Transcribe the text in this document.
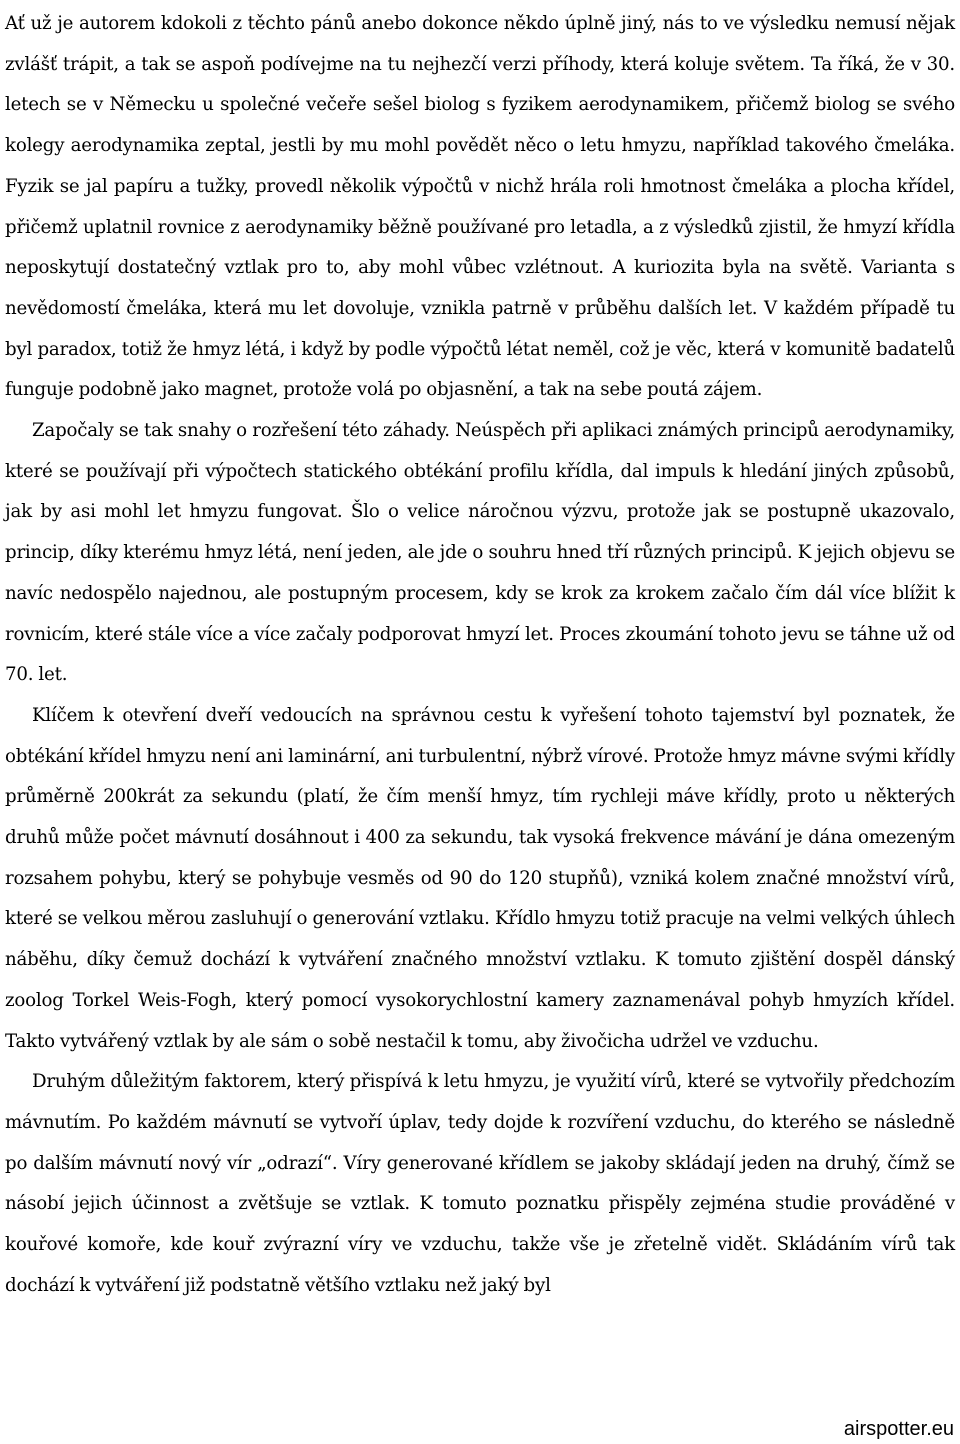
Ať už je autorem kdokoli z těchto pánů anebo dokonce někdo úplně jiný, nás to ve výsledku nemusí nějak zvlášť trápit, a tak se aspoň podívejme na tu nejhezčí verzi příhody, která koluje světem. Ta říká, že v 30. letech se v Německu u společné večeře sešel biolog s fyzikem aerodynamikem, přičemž biolog se svého kolegy aerodynamika zeptal, jestli by mu mohl povědět něco o letu hmyzu, například takového čmeláka. Fyzik se jal papíru a tužky, provedl několik výpočtů v nichž hrála roli hmotnost čmeláka a plocha křídel, přičemž uplatnil rovnice z aerodynamiky běžně používané pro letadla, a z výsledků zjistil, že hmyzí křídla neposkytují dostatečný vztlak pro to, aby mohl vůbec vzlétnout. A kuriozita byla na světě. Varianta s nevědomostí čmeláka, která mu let dovoluje, vznikla patrně v průběhu dalších let. V každém případě tu byl paradox, totiž že hmyz létá, i když by podle výpočtů létat neměl, což je věc, která v komunitě badatelů funguje podobně jako magnet, protože volá po objasnění, a tak na sebe poutá zájem.

Započaly se tak snahy o rozřešení této záhady. Neúspěch při aplikaci známých principů aerodynamiky, které se používají při výpočtech statického obtékání profilu křídla, dal impuls k hledání jiných způsobů, jak by asi mohl let hmyzu fungovat. Šlo o velice náročnou výzvu, protože jak se postupně ukazovalo, princip, díky kterému hmyz létá, není jeden, ale jde o souhru hned tří různých principů. K jejich objevu se navíc nedospělo najednou, ale postupným procesem, kdy se krok za krokem začalo čím dál více blížit k rovnicím, které stále více a více začaly podporovat hmyzí let. Proces zkoumání tohoto jevu se táhne už od 70. let.

Klíčem k otevření dveří vedoucích na správnou cestu k vyřešení tohoto tajemství byl poznatek, že obtékání křídel hmyzu není ani laminární, ani turbulentní, nýbrž vírové. Protože hmyz mávne svými křídly průměrně 200krát za sekundu (platí, že čím menší hmyz, tím rychleji máve křídly, proto u některých druhů může počet mávnutí dosáhnout i 400 za sekundu, tak vysoká frekvence mávání je dána omezeným rozsahem pohybu, který se pohybuje vesměs od 90 do 120 stupňů), vzniká kolem značné množství vírů, které se velkou měrou zasluhují o generování vztlaku. Křídlo hmyzu totiž pracuje na velmi velkých úhlech náběhu, díky čemuž dochází k vytváření značného množství vztlaku. K tomuto zjištění dospěl dánský zoolog Torkel Weis-Fogh, který pomocí vysokorychlostní kamery zaznamenával pohyb hmyzích křídel. Takto vytvářený vztlak by ale sám o sobě nestačil k tomu, aby živočicha udržel ve vzduchu.

Druhým důležitým faktorem, který přispívá k letu hmyzu, je využití vírů, které se vytvořily předchozím mávnutím. Po každém mávnutí se vytvoří úplav, tedy dojde k rozvíření vzduchu, do kterého se následně po dalším mávnutí nový vír „odrazí“. Víry generované křídlem se jakoby skládají jeden na druhý, čímž se násobí jejich účinnost a zvětšuje se vztlak. K tomuto poznatku přispěly zejména studie prováděné v kouřové komoře, kde kouř zvýrazní víry ve vzduchu, takže vše je zřetelně vidět. Skládáním vírů tak dochází k vytváření již podstatně většího vztlaku než jaký byl

airspotter.eu
